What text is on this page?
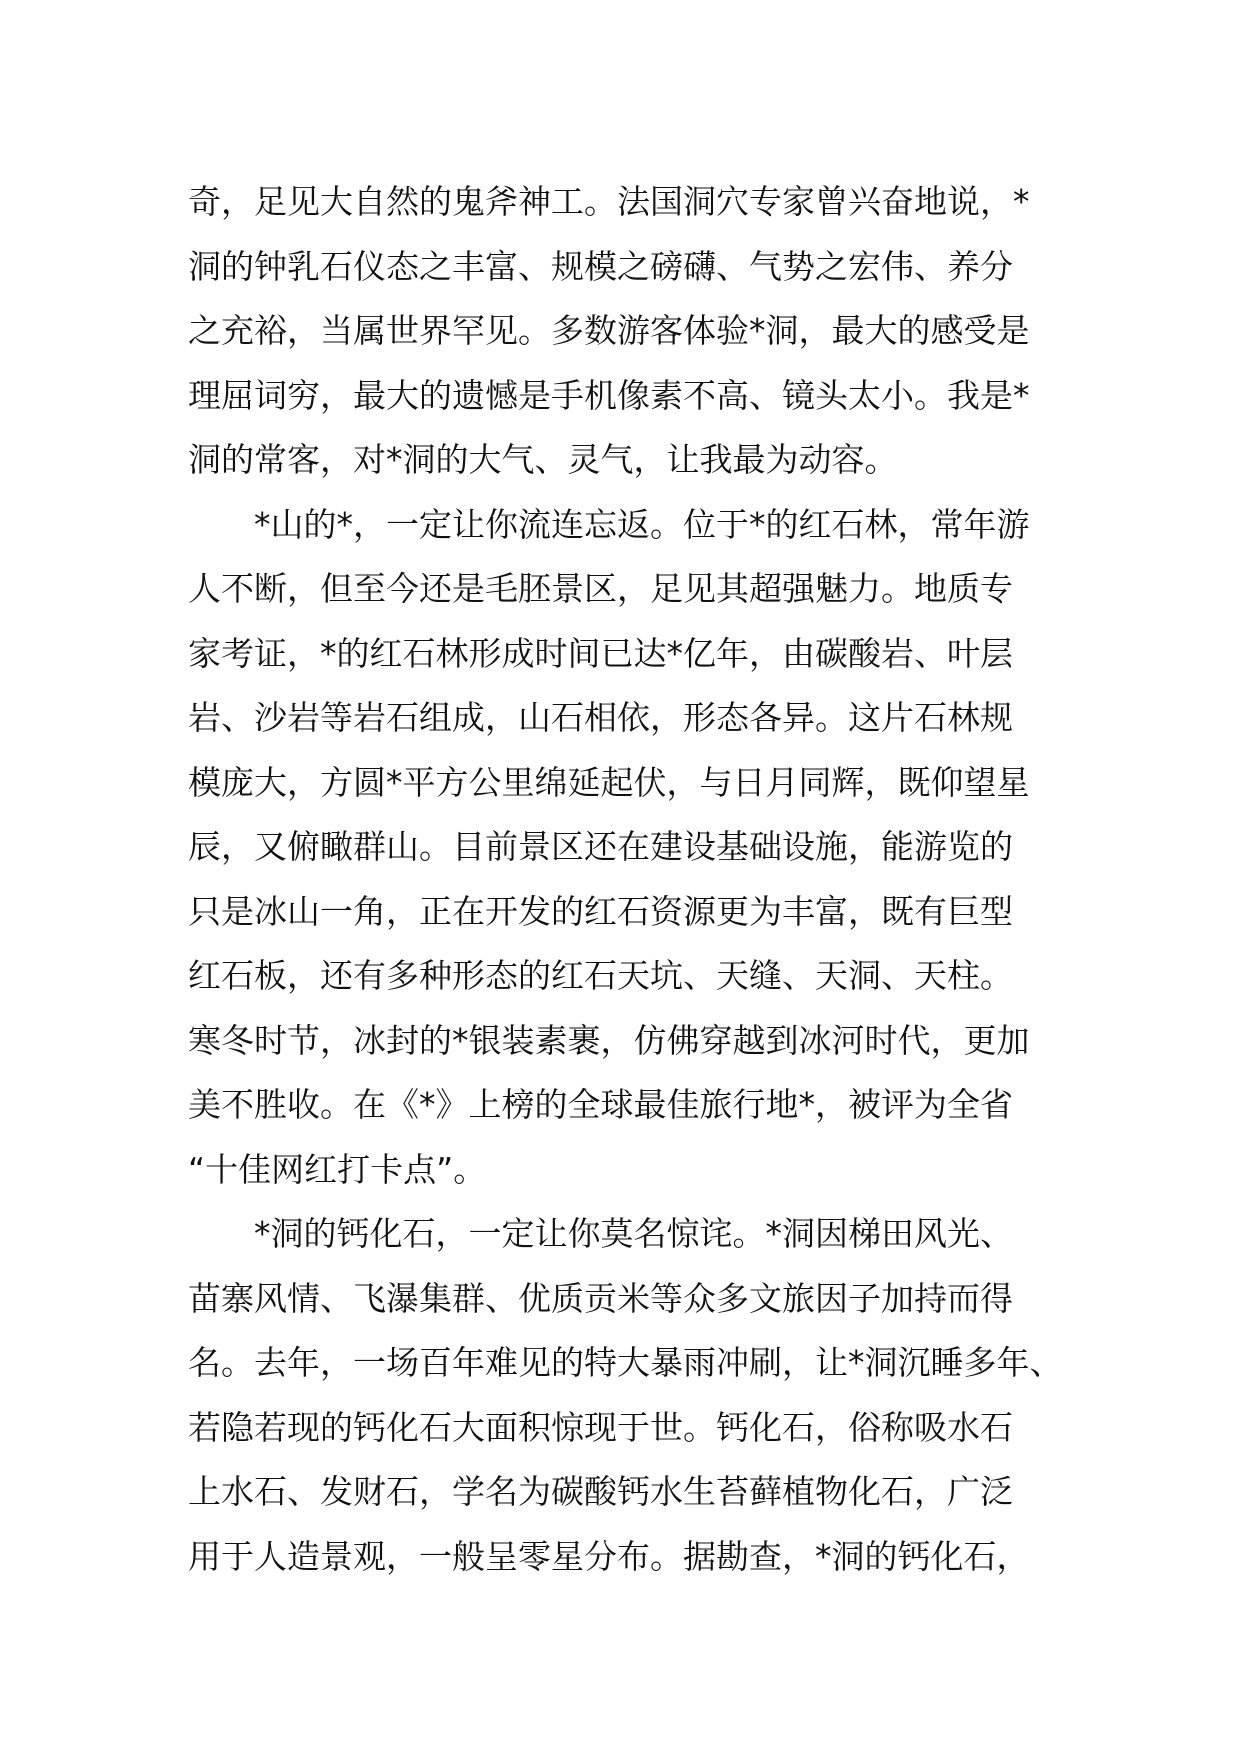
奇，足见大自然的鬼斧神工。法国洞穴专家曾兴奋地说，*
洞的钟乳石仪态之丰富、规模之磅礴、气势之宏伟、养分
之充裕，当属世界罕见。多数游客体验*洞，最大的感受是
理屈词穷，最大的遗憾是手机像素不高、镜头太小。我是*
洞的常客，对*洞的大气、灵气，让我最为动容。
*山的*，一定让你流连忘返。位于*的红石林，常年游
人不断，但至今还是毛胚景区，足见其超强魅力。地质专
家考证，*的红石林形成时间已达*亿年，由碳酸岩、叶层
岩、沙岩等岩石组成，山石相依，形态各异。这片石林规
模庞大，方圆*平方公里绵延起伏，与日月同辉，既仰望星
辰，又俯瞰群山。目前景区还在建设基础设施，能游览的
只是冰山一角，正在开发的红石资源更为丰富，既有巨型
红石板，还有多种形态的红石天坑、天缝、天洞、天柱。
寒冬时节，冰封的*银装素裹，仿佛穿越到冰河时代，更加
美不胜收。在《*》上榜的全球最佳旅行地*，被评为全省
“十佳网红打卡点”。
*洞的钙化石，一定让你莫名惊诧。*洞因梯田风光、
苗寨风情、飞瀑集群、优质贡米等众多文旅因子加持而得
名。去年，一场百年难见的特大暴雨冲刷，让*洞沉睡多年、
若隐若现的钙化石大面积惊现于世。钙化石，俗称吸水石
上水石、发财石，学名为碳酸钙水生苔藓植物化石，广泛
用于人造景观，一般呈零星分布。据勘查，*洞的钙化石，
